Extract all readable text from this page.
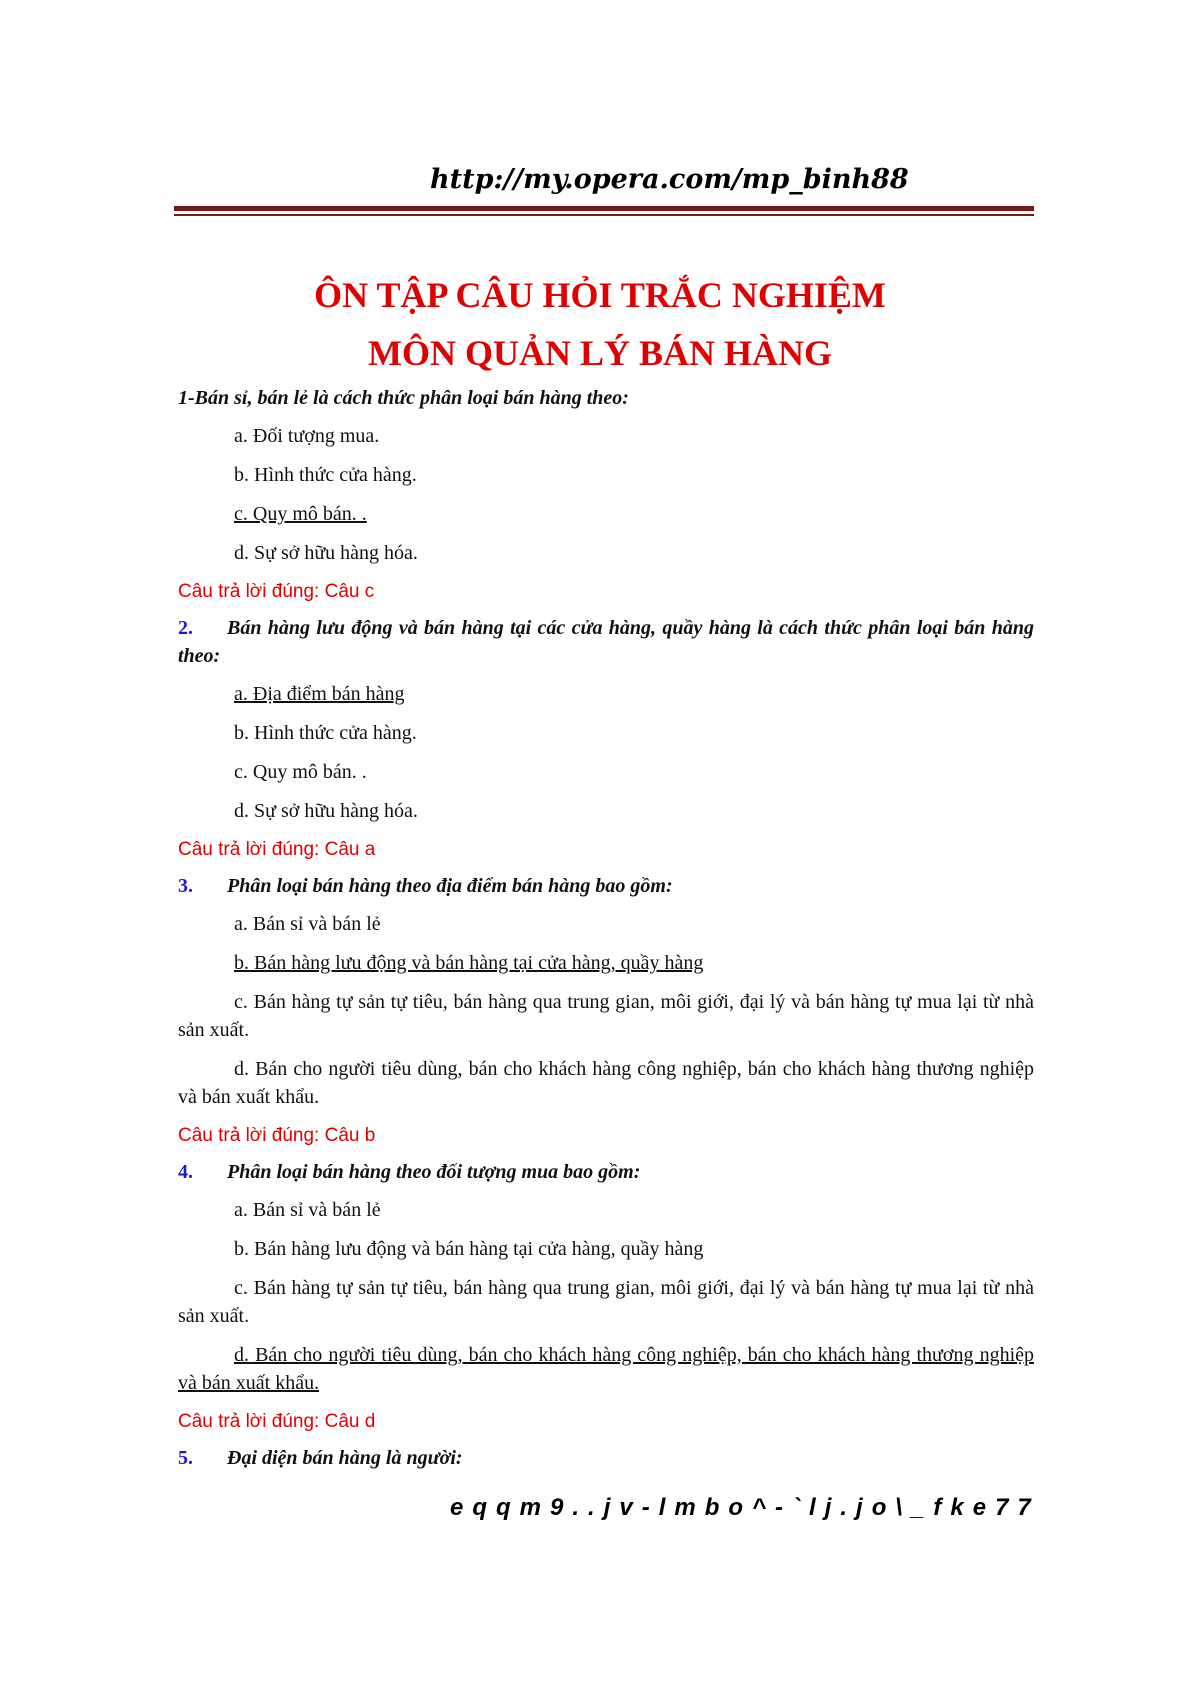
http://my.opera.com/mp_binh88
ÔN TẬP CÂU HỎI TRẮC NGHIỆM
MÔN QUẢN LÝ BÁN HÀNG
1-Bán sỉ, bán lẻ là cách thức phân loại bán hàng theo:
a. Đối tượng mua.
b. Hình thức cửa hàng.
c. Quy mô bán. .
d. Sự sở hữu hàng hóa.
Câu trả lời đúng: Câu c
2. Bán hàng lưu động và bán hàng tại các cửa hàng, quầy hàng là cách thức phân loại bán hàng theo:
a. Địa điểm bán hàng
b. Hình thức cửa hàng.
c. Quy mô bán. .
d. Sự sở hữu hàng hóa.
Câu trả lời đúng: Câu a
3. Phân loại bán hàng theo địa điểm bán hàng bao gồm:
a. Bán sỉ và bán lẻ
b. Bán hàng lưu động và bán hàng tại cửa hàng, quầy hàng
c. Bán hàng tự sản tự tiêu, bán hàng qua trung gian, môi giới, đại lý và bán hàng tự mua lại từ nhà sản xuất.
d. Bán cho người tiêu dùng, bán cho khách hàng công nghiệp, bán cho khách hàng thương nghiệp và bán xuất khẩu.
Câu trả lời đúng: Câu b
4. Phân loại bán hàng theo đối tượng mua bao gồm:
a. Bán sỉ và bán lẻ
b. Bán hàng lưu động và bán hàng tại cửa hàng, quầy hàng
c. Bán hàng tự sản tự tiêu, bán hàng qua trung gian, môi giới, đại lý và bán hàng tự mua lại từ nhà sản xuất.
d. Bán cho người tiêu dùng, bán cho khách hàng công nghiệp, bán cho khách hàng thương nghiệp và bán xuất khẩu.
Câu trả lời đúng: Câu d
5. Đại diện bán hàng là người:
eqqm9..jv-lmbo^-`lj.jo\_fke77
